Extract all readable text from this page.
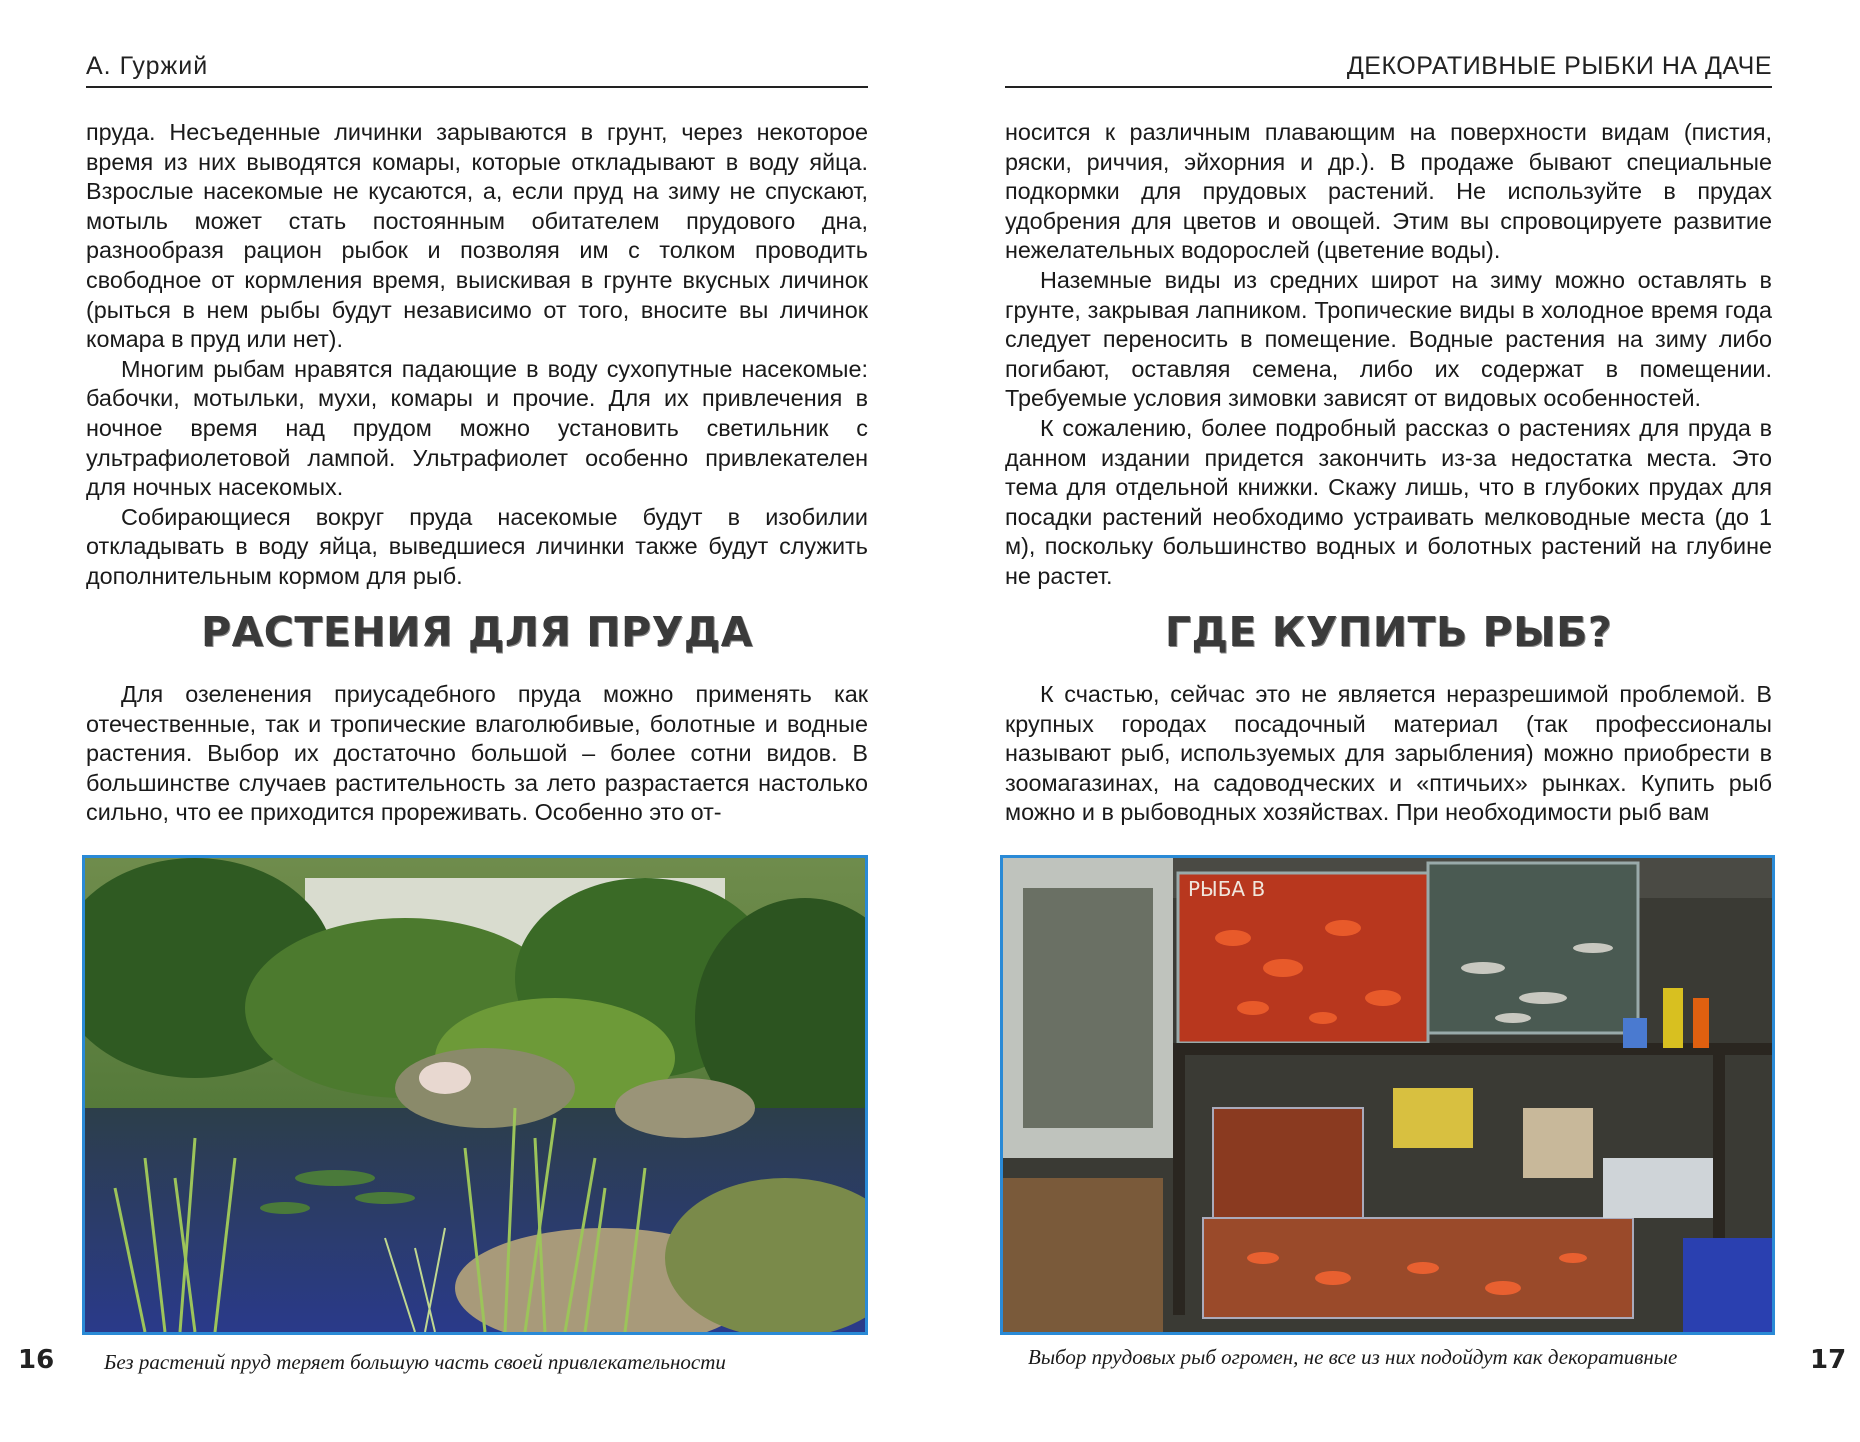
А. Гуржий

пруда. Несъеденные личинки зарываются в грунт, через некоторое время из них выводятся комары, которые откладывают в воду яйца. Взрослые насекомые не кусаются, а, если пруд на зиму не спускают, мотыль может стать постоянным обитателем прудового дна, разнообразя рацион рыбок и позволяя им с толком проводить свободное от кормления время, выискивая в грунте вкусных личинок (рыться в нем рыбы будут независимо от того, вносите вы личинок комара в пруд или нет).

Многим рыбам нравятся падающие в воду сухопутные насекомые: бабочки, мотыльки, мухи, комары и прочие. Для их привлечения в ночное время над прудом можно установить светильник с ультрафиолетовой лампой. Ультрафиолет особенно привлекателен для ночных насекомых.

Собирающиеся вокруг пруда насекомые будут в изобилии откладывать в воду яйца, выведшиеся личинки также будут служить дополнительным кормом для рыб.

РАСТЕНИЯ ДЛЯ ПРУДА

Для озеленения приусадебного пруда можно применять как отечественные, так и тропические влаголюбивые, болотные и водные растения. Выбор их достаточно большой – более сотни видов. В большинстве случаев растительность за лето разрастается настолько сильно, что ее приходится прореживать. Особенно это от-

16 Без растений пруд теряет большую часть своей привлекательности
ДЕКОРАТИВНЫЕ РЫБКИ НА ДАЧЕ

носится к различным плавающим на поверхности видам (пистия, ряски, риччия, эйхорния и др.). В продаже бывают специальные подкормки для прудовых растений. Не используйте в прудах удобрения для цветов и овощей. Этим вы спровоцируете развитие нежелательных водорослей (цветение воды).

Наземные виды из средних широт на зиму можно оставлять в грунте, закрывая лапником. Тропические виды в холодное время года следует переносить в помещение. Водные растения на зиму либо погибают, оставляя семена, либо их содержат в помещении. Требуемые условия зимовки зависят от видовых особенностей.

К сожалению, более подробный рассказ о растениях для пруда в данном издании придется закончить из-за недостатка места. Это тема для отдельной книжки. Скажу лишь, что в глубоких прудах для посадки растений необходимо устраивать мелководные места (до 1 м), поскольку большинство водных и болотных растений на глубине не растет.

ГДЕ КУПИТЬ РЫБ?

К счастью, сейчас это не является неразрешимой проблемой. В крупных городах посадочный материал (так профессионалы называют рыб, используемых для зарыбления) можно приобрести в зоомагазинах, на садоводческих и «птичьих» рынках. Купить рыб можно и в рыбоводных хозяйствах. При необходимости рыб вам

РЫБА В
Выбор прудовых рыб огромен, не все из них подойдут как декоративные	17
